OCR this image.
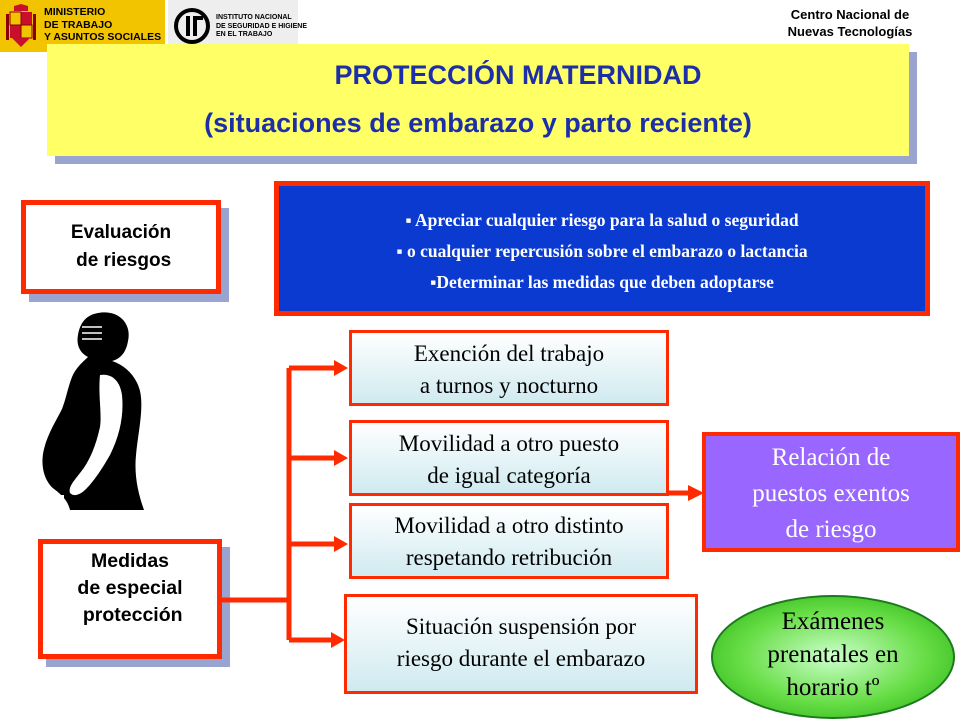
MINISTERIO
DE TRABAJO
Y ASUNTOS SOCIALES
INSTITUTO NACIONAL
DE SEGURIDAD E HIGIENE
EN EL TRABAJO
Centro Nacional de
Nuevas Tecnologías
PROTECCIÓN MATERNIDAD
(situaciones de embarazo y parto reciente)
Evaluación
de riesgos
▪ Apreciar cualquier riesgo para la salud o seguridad
▪ o cualquier repercusión sobre el embarazo o lactancia
▪Determinar las medidas que deben adoptarse
Medidas
de especial
protección
Exención del trabajo
a turnos y nocturno
Movilidad a otro puesto
de igual categoría
Movilidad a otro distinto
respetando retribución
Situación suspensión por
riesgo durante el embarazo
Relación de
puestos exentos
de riesgo
Exámenes
prenatales en
horario tº
